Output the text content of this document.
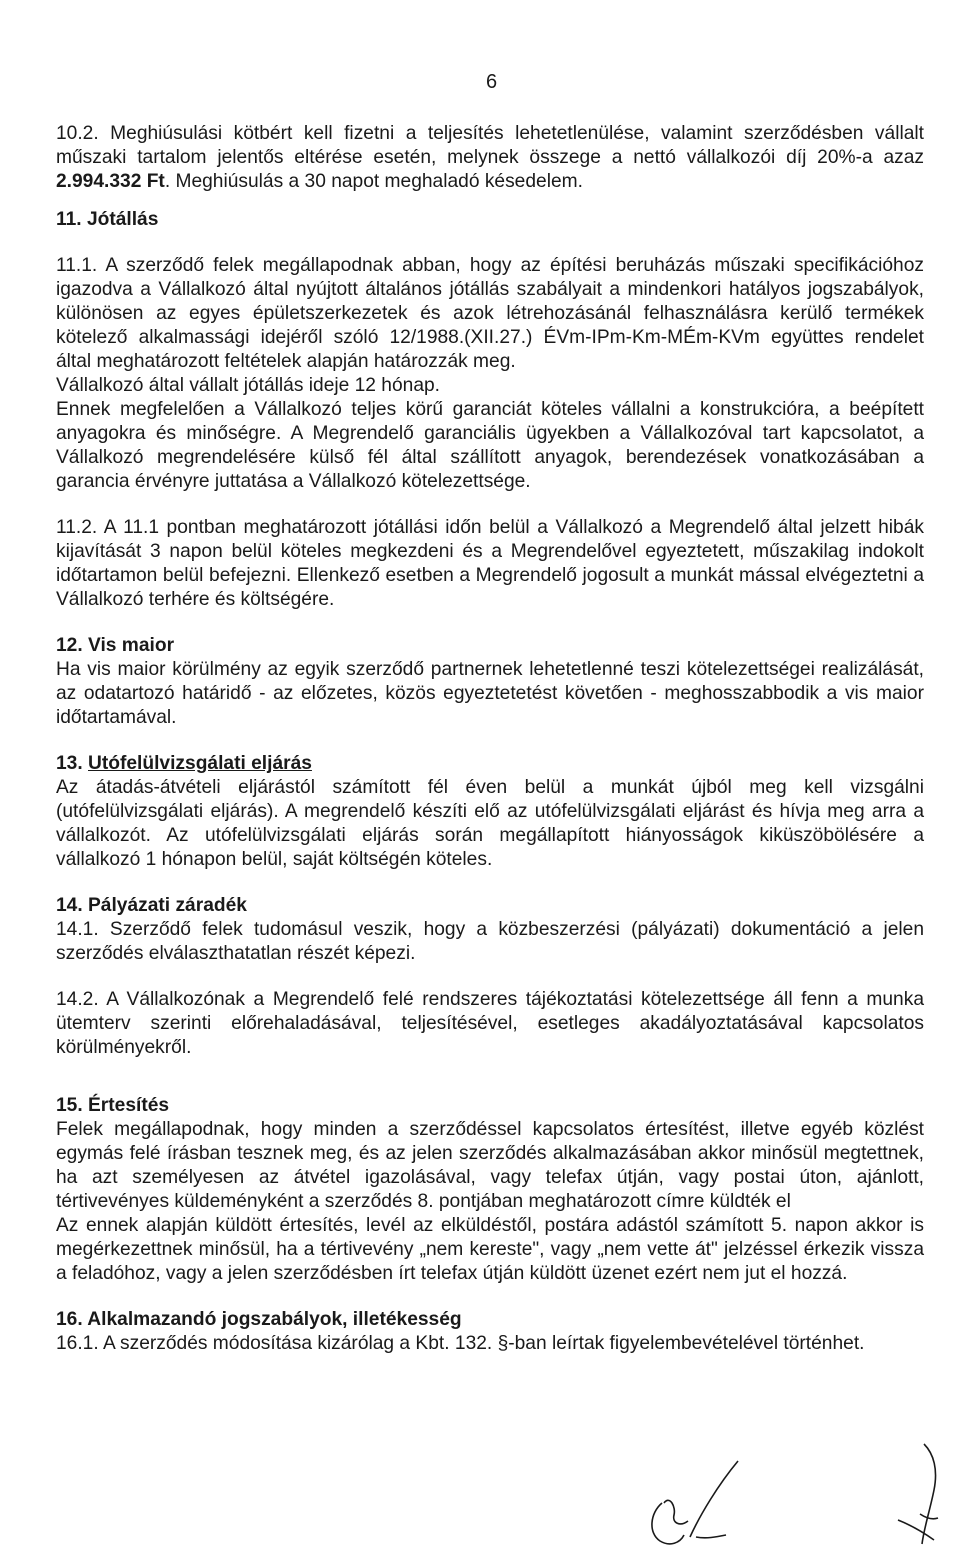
6

10.2. Meghiúsulási kötbért kell fizetni a teljesítés lehetetlenülése, valamint szerződésben vállalt műszaki tartalom jelentős eltérése esetén, melynek összege a nettó vállalkozói díj 20%-a azaz 2.994.332 Ft. Meghiúsulás a 30 napot meghaladó késedelem.

11. Jótállás

11.1. A szerződő felek megállapodnak abban, hogy az építési beruházás műszaki specifikációhoz igazodva a Vállalkozó által nyújtott általános jótállás szabályait a mindenkori hatályos jogszabályok, különösen az egyes épületszerkezetek és azok létrehozásánál felhasználásra kerülő termékek kötelező alkalmassági idejéről szóló 12/1988.(XII.27.) ÉVm-IPm-Km-MÉm-KVm együttes rendelet által meghatározott feltételek alapján határozzák meg.

Vállalkozó által vállalt jótállás ideje 12 hónap.

Ennek megfelelően a Vállalkozó teljes körű garanciát köteles vállalni a konstrukcióra, a beépített anyagokra és minőségre. A Megrendelő garanciális ügyekben a Vállalkozóval tart kapcsolatot, a Vállalkozó megrendelésére külső fél által szállított anyagok, berendezések vonatkozásában a garancia érvényre juttatása a Vállalkozó kötelezettsége.

11.2. A 11.1 pontban meghatározott jótállási időn belül a Vállalkozó a Megrendelő által jelzett hibák kijavítását 3 napon belül köteles megkezdeni és a Megrendelővel egyeztetett, műszakilag indokolt időtartamon belül befejezni. Ellenkező esetben a Megrendelő jogosult a munkát mással elvégeztetni a Vállalkozó terhére és költségére.

12. Vis maior

Ha vis maior körülmény az egyik szerződő partnernek lehetetlenné teszi kötelezettségei realizálását, az odatartozó határidő - az előzetes, közös egyeztetetést követően - meghosszabbodik a vis maior időtartamával.

13. Utófelülvizsgálati eljárás

Az átadás-átvételi eljárástól számított fél éven belül a munkát újból meg kell vizsgálni (utófelülvizsgálati eljárás). A megrendelő készíti elő az utófelülvizsgálati eljárást és hívja meg arra a vállalkozót. Az utófelülvizsgálati eljárás során megállapított hiányosságok kiküszöbölésére a vállalkozó 1 hónapon belül, saját költségén köteles.

14. Pályázati záradék

14.1. Szerződő felek tudomásul veszik, hogy a közbeszerzési (pályázati) dokumentáció a jelen szerződés elválaszthatatlan részét képezi.

14.2. A Vállalkozónak a Megrendelő felé rendszeres tájékoztatási kötelezettsége áll fenn a munka ütemterv szerinti előrehaladásával, teljesítésével, esetleges akadályoztatásával kapcsolatos körülményekről.

15. Értesítés

Felek megállapodnak, hogy minden a szerződéssel kapcsolatos értesítést, illetve egyéb közlést egymás felé írásban tesznek meg, és az jelen szerződés alkalmazásában akkor minősül megtettnek, ha azt személyesen az átvétel igazolásával, vagy telefax útján, vagy postai úton, ajánlott, tértivevényes küldeményként a szerződés 8. pontjában meghatározott címre küldték el

Az ennek alapján küldött értesítés, levél az elküldéstől, postára adástól számított 5. napon akkor is megérkezettnek minősül, ha a tértivevény „nem kereste", vagy „nem vette át" jelzéssel érkezik vissza a feladóhoz, vagy a jelen szerződésben írt telefax útján küldött üzenet ezért nem jut el hozzá.

16. Alkalmazandó jogszabályok, illetékesség

16.1. A szerződés módosítása kizárólag a Kbt. 132. §-ban leírtak figyelembevételével történhet.
